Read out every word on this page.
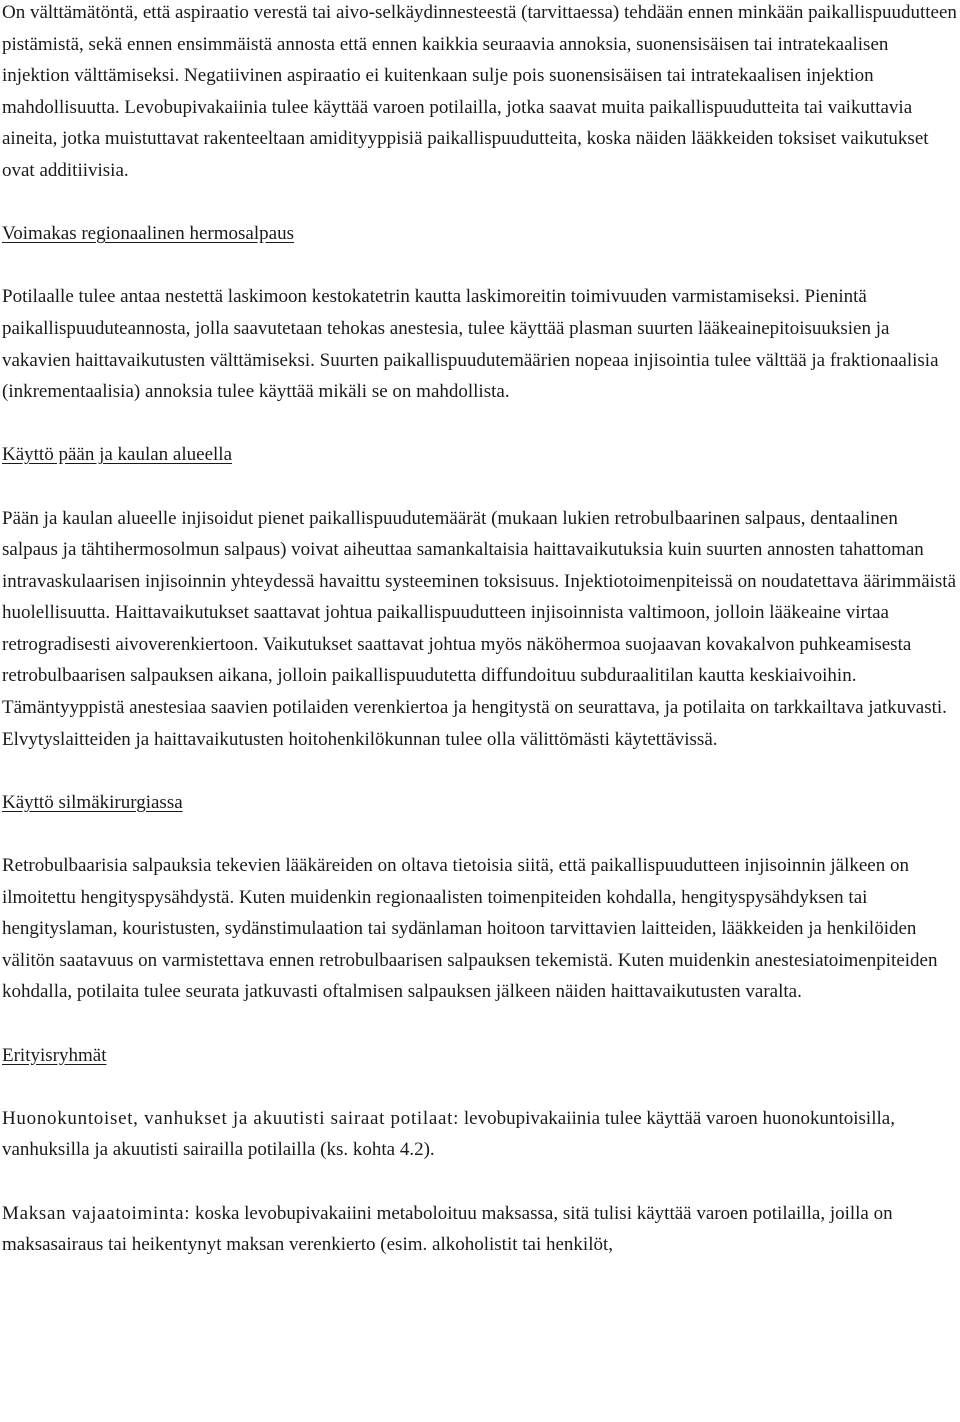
On välttämätöntä, että aspiraatio verestä tai aivo-selkäydinnesteestä (tarvittaessa) tehdään ennen minkään paikallispuudutteen pistämistä, sekä ennen ensimmäistä annosta että ennen kaikkia seuraavia annoksia, suonensisäisen tai intratekaalisen injektion välttämiseksi. Negatiivinen aspiraatio ei kuitenkaan sulje pois suonensisäisen tai intratekaalisen injektion mahdollisuutta. Levobupivakaiinia tulee käyttää varoen potilailla, jotka saavat muita paikallispuudutteita tai vaikuttavia aineita, jotka muistuttavat rakenteeltaan amidityyppisiä paikallispuudutteita, koska näiden lääkkeiden toksiset vaikutukset ovat additiivisia.

Voimakas regionaalinen hermosalpaus

Potilaalle tulee antaa nestettä laskimoon kestokatetrin kautta laskimoreitin toimivuuden varmistamiseksi. Pienintä paikallispuuduteannosta, jolla saavutetaan tehokas anestesia, tulee käyttää plasman suurten lääkeainepitoisuuksien ja vakavien haittavaikutusten välttämiseksi. Suurten paikallispuudutemäärien nopeaa injisointia tulee välttää ja fraktionaalisia (inkrementaalisia) annoksia tulee käyttää mikäli se on mahdollista.

Käyttö pään ja kaulan alueella

Pään ja kaulan alueelle injisoidut pienet paikallispuudutemäärät (mukaan lukien retrobulbaarinen salpaus, dentaalinen salpaus ja tähtihermosolmun salpaus) voivat aiheuttaa samankaltaisia haittavaikutuksia kuin suurten annosten tahattoman intravaskulaarisen injisoinnin yhteydessä havaittu systeeminen toksisuus. Injektiotoimenpiteissä on noudatettava äärimmäistä huolellisuutta. Haittavaikutukset saattavat johtua paikallispuudutteen injisoinnista valtimoon, jolloin lääkeaine virtaa retrogradisesti aivoverenkiertoon. Vaikutukset saattavat johtua myös näköhermoa suojaavan kovakalvon puhkeamisesta retrobulbaarisen salpauksen aikana, jolloin paikallispuudutetta diffundoituu subduraalitilan kautta keskiaivoihin. Tämäntyyppistä anestesiaa saavien potilaiden verenkiertoa ja hengitystä on seurattava, ja potilaita on tarkkailtava jatkuvasti. Elvytyslaitteiden ja haittavaikutusten hoitohenkilökunnan tulee olla välittömästi käytettävissä.

Käyttö silmäkirurgiassa

Retrobulbaarisia salpauksia tekevien lääkäreiden on oltava tietoisia siitä, että paikallispuudutteen injisoinnin jälkeen on ilmoitettu hengityspysähdystä. Kuten muidenkin regionaalisten toimenpiteiden kohdalla, hengityspysähdyksen tai hengityslaman, kouristusten, sydänstimulaation tai sydänlaman hoitoon tarvittavien laitteiden, lääkkeiden ja henkilöiden välitön saatavuus on varmistettava ennen retrobulbaarisen salpauksen tekemistä. Kuten muidenkin anestesiatoimenpiteiden kohdalla, potilaita tulee seurata jatkuvasti oftalmisen salpauksen jälkeen näiden haittavaikutusten varalta.

Erityisryhmät

Huonokuntoiset, vanhukset ja akuutisti sairaat potilaat: levobupivakaiinia tulee käyttää varoen huonokuntoisilla, vanhuksilla ja akuutisti sairailla potilailla (ks. kohta 4.2).

Maksan vajaatoiminta: koska levobupivakaiini metaboloituu maksassa, sitä tulisi käyttää varoen potilailla, joilla on maksasairaus tai heikentynyt maksan verenkierto (esim. alkoholistit tai henkilöt,
